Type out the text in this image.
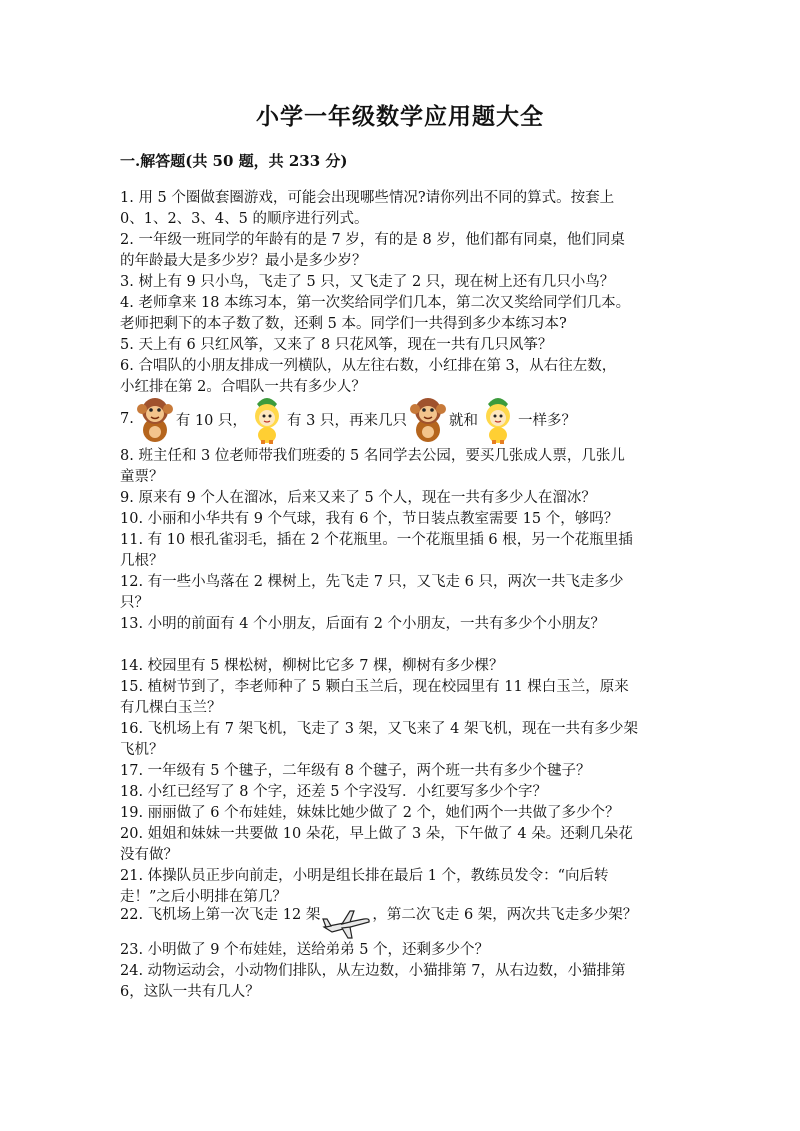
小学一年级数学应用题大全
一.解答题(共 50 题，共 233 分)
1. 用 5 个圈做套圈游戏，可能会出现哪些情况?请你列出不同的算式。按套上
0、1、2、3、4、5 的顺序进行列式。
2. 一年级一班同学的年龄有的是 7 岁，有的是 8 岁，他们都有同桌，他们同桌
的年龄最大是多少岁？最小是多少岁？
3. 树上有 9 只小鸟，飞走了 5 只，又飞走了 2 只，现在树上还有几只小鸟？
4. 老师拿来 18 本练习本，第一次奖给同学们几本，第二次又奖给同学们几本。
老师把剩下的本子数了数，还剩 5 本。同学们一共得到多少本练习本?
5. 天上有 6 只红风筝，又来了 8 只花风筝，现在一共有几只风筝？
6. 合唱队的小朋友排成一列横队，从左往右数，小红排在第 3，从右往左数，
小红排在第 2。合唱队一共有多少人？
7.	有 10 只，	有 3 只，再来几只	就和	一样多？
8. 班主任和 3 位老师带我们班委的 5 名同学去公园，要买几张成人票，几张儿
童票？
9. 原来有 9 个人在溜冰，后来又来了 5 个人，现在一共有多少人在溜冰？
10. 小丽和小华共有 9 个气球，我有 6 个，节日装点教室需要 15 个，够吗？
11. 有 10 根孔雀羽毛，插在 2 个花瓶里。一个花瓶里插 6 根，另一个花瓶里插
几根？
12. 有一些小鸟落在 2 棵树上，先飞走 7 只，又飞走 6 只，两次一共飞走多少
只？
13. 小明的前面有 4 个小朋友，后面有 2 个小朋友，一共有多少个小朋友？
14. 校园里有 5 棵松树，柳树比它多 7 棵，柳树有多少棵？
15. 植树节到了，李老师种了 5 颗白玉兰后，现在校园里有 11 棵白玉兰，原来
有几棵白玉兰？
16. 飞机场上有 7 架飞机，飞走了 3 架，又飞来了 4 架飞机，现在一共有多少架
飞机？
17. 一年级有 5 个毽子，二年级有 8 个毽子，两个班一共有多少个毽子？
18. 小红已经写了 8 个字，还差 5 个字没写．小红要写多少个字？
19. 丽丽做了 6 个布娃娃，妹妹比她少做了 2 个，她们两个一共做了多少个？
20. 姐姐和妹妹一共要做 10 朵花，早上做了 3 朵，下午做了 4 朵。还剩几朵花
没有做？
21. 体操队员正步向前走，小明是组长排在最后 1 个，教练员发令：“向后转
走！”之后小明排在第几？
22. 飞机场上第一次飞走 12 架	，第二次飞走 6 架，两次共飞走多少架？
23. 小明做了 9 个布娃娃，送给弟弟 5 个，还剩多少个？
24. 动物运动会，小动物们排队，从左边数，小猫排第 7，从右边数，小猫排第
6，这队一共有几人？
